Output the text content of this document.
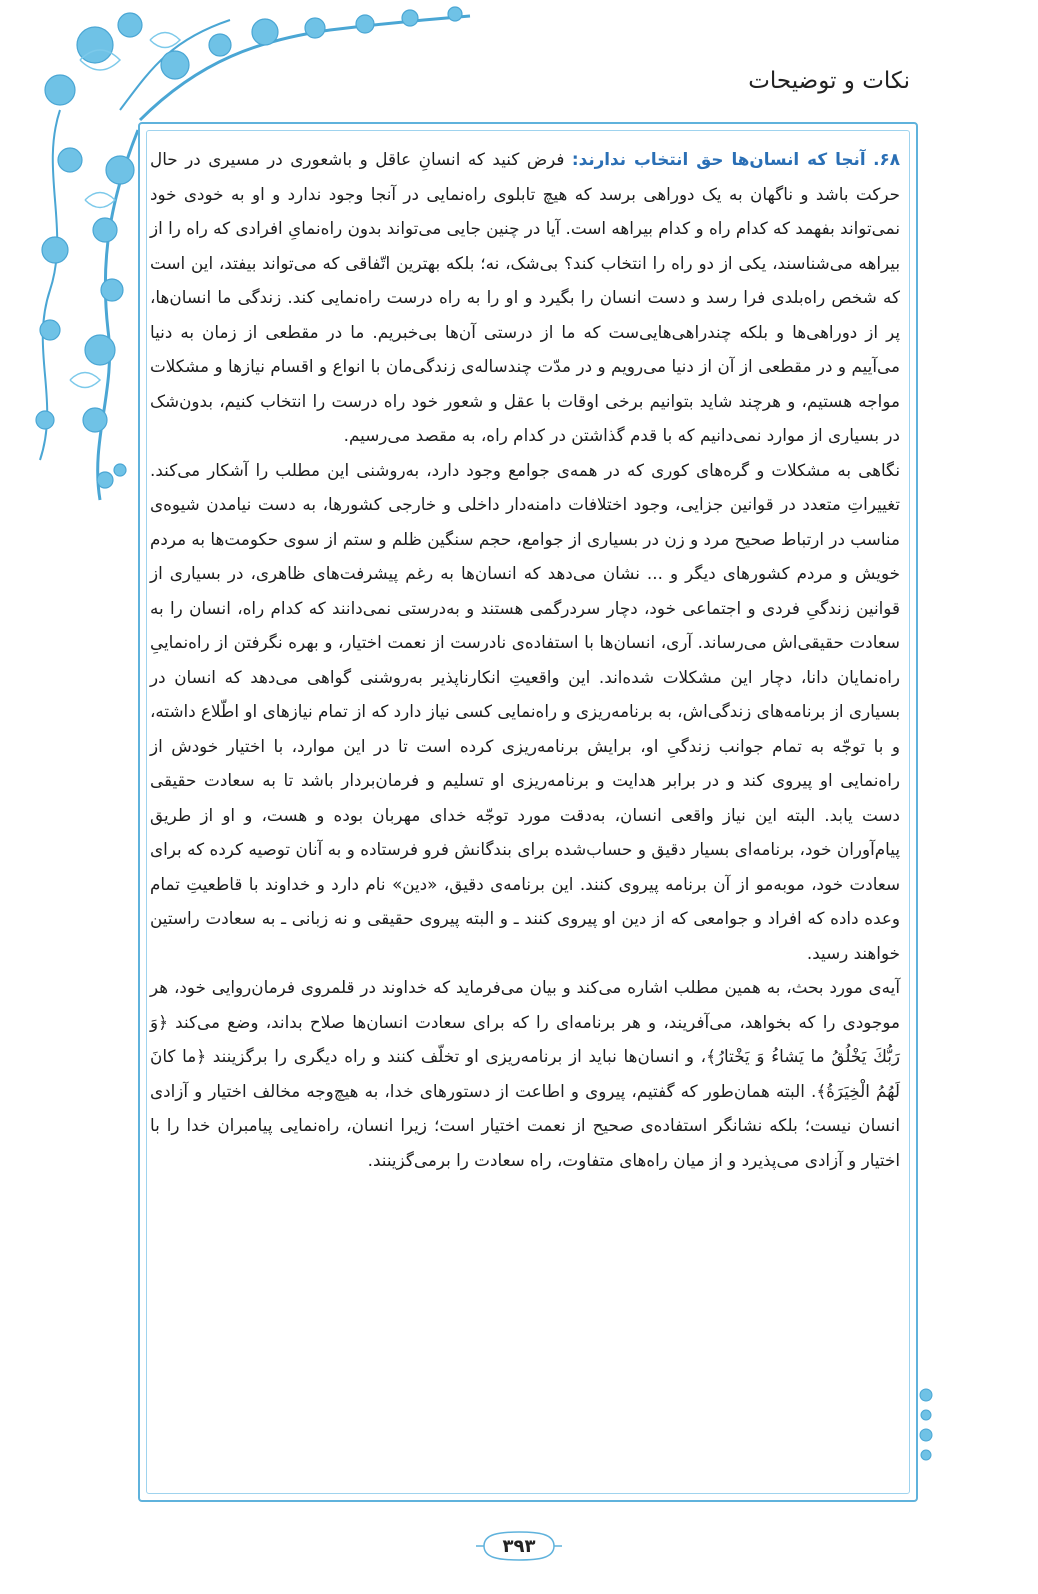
نکات و توضیحات

۶۸. آنجا که انسان‌ها حق انتخاب ندارند: فرض کنید که انسانِ عاقل و باشعوری در مسیری در حال حرکت باشد و ناگهان به یک دوراهی برسد که هیچ تابلوی راه‌نمایی در آنجا وجود ندارد و او به خودی خود نمی‌تواند بفهمد که کدام راه و کدام بیراهه است. آیا در چنین جایی می‌تواند بدون راه‌نمایِ افرادی که راه را از بیراهه می‌شناسند، یکی از دو راه را انتخاب کند؟ بی‌شک، نه؛ بلکه بهترین اتّفاقی که می‌تواند بیفتد، این است که شخص راه‌بلدی فرا رسد و دست انسان را بگیرد و او را به راه درست راه‌نمایی کند. زندگی ما انسان‌ها، پر از دوراهی‌ها و بلکه چندراهی‌هایی‌ست که ما از درستی آن‌ها بی‌خبریم. ما در مقطعی از زمان به دنیا می‌آییم و در مقطعی از آن از دنیا می‌رویم و در مدّت چندساله‌ی زندگی‌مان با انواع و اقسام نیازها و مشکلات مواجه هستیم، و هرچند شاید بتوانیم برخی اوقات با عقل و شعور خود راه درست را انتخاب کنیم، بدون‌شک در بسیاری از موارد نمی‌دانیم که با قدم گذاشتن در کدام راه، به مقصد می‌رسیم.

نگاهی به مشکلات و گره‌های کوری که در همه‌ی جوامع وجود دارد، به‌روشنی این مطلب را آشکار می‌کند. تغییراتِ متعدد در قوانین جزایی، وجود اختلافات دامنه‌دار داخلی و خارجی کشورها، به دست نیامدن شیوه‌ی مناسب در ارتباط صحیح مرد و زن در بسیاری از جوامع، حجم سنگین ظلم و ستم از سوی حکومت‌ها به مردم خویش و مردم کشورهای دیگر و ... نشان می‌دهد که انسان‌ها به رغم پیشرفت‌های ظاهری، در بسیاری از قوانین زندگیِ فردی و اجتماعی خود، دچار سردرگمی هستند و به‌درستی نمی‌دانند که کدام راه، انسان را به سعادت حقیقی‌اش می‌رساند. آری، انسان‌ها با استفاده‌ی نادرست از نعمت اختیار، و بهره نگرفتن از راه‌نماییِ راه‌نمایان دانا، دچار این مشکلات شده‌اند. این واقعیتِ انکارناپذیر به‌روشنی گواهی می‌دهد که انسان در بسیاری از برنامه‌های زندگی‌اش، به برنامه‌ریزی و راه‌نمایی کسی نیاز دارد که از تمام نیازهای او اطّلاع داشته، و با توجّه به تمام جوانب زندگیِ او، برایش برنامه‌ریزی کرده است تا در این موارد، با اختیار خودش از راه‌نمایی او پیروی کند و در برابر هدایت و برنامه‌ریزی او تسلیم و فرمان‌بردار باشد تا به سعادت حقیقی دست یابد. البته این نیاز واقعی انسان، به‌دقت مورد توجّه خدای مهربان بوده و هست، و او از طریق پیام‌آوران خود، برنامه‌ای بسیار دقیق و حساب‌شده برای بندگانش فرو فرستاده و به آنان توصیه کرده که برای سعادت خود، موبه‌مو از آن برنامه پیروی کنند. این برنامه‌ی دقیق، «دین» نام دارد و خداوند با قاطعیتِ تمام وعده داده که افراد و جوامعی که از دین او پیروی کنند ـ و البته پیروی حقیقی و نه زبانی ـ به سعادت راستین خواهند رسید.

آیه‌ی مورد بحث، به همین مطلب اشاره می‌کند و بیان می‌فرماید که خداوند در قلمروی فرمان‌روایی خود، هر موجودی را که بخواهد، می‌آفریند، و هر برنامه‌ای را که برای سعادت انسان‌ها صلاح بداند، وضع می‌کند ﴿وَ رَبُّكَ يَخْلُقُ ما يَشاءُ وَ يَخْتارُ﴾، و انسان‌ها نباید از برنامه‌ریزی او تخلّف کنند و راه دیگری را برگزینند ﴿ما كانَ لَهُمُ الْخِيَرَةُ﴾. البته همان‌طور که گفتیم، پیروی و اطاعت از دستورهای خدا، به هیچ‌وجه مخالف اختیار و آزادی انسان نیست؛ بلکه نشانگر استفاده‌ی صحیح از نعمت اختیار است؛ زیرا انسان، راه‌نمایی پیامبران خدا را با اختیار و آزادی می‌پذیرد و از میان راه‌های متفاوت، راه سعادت را برمی‌گزینند.

۳۹۳
